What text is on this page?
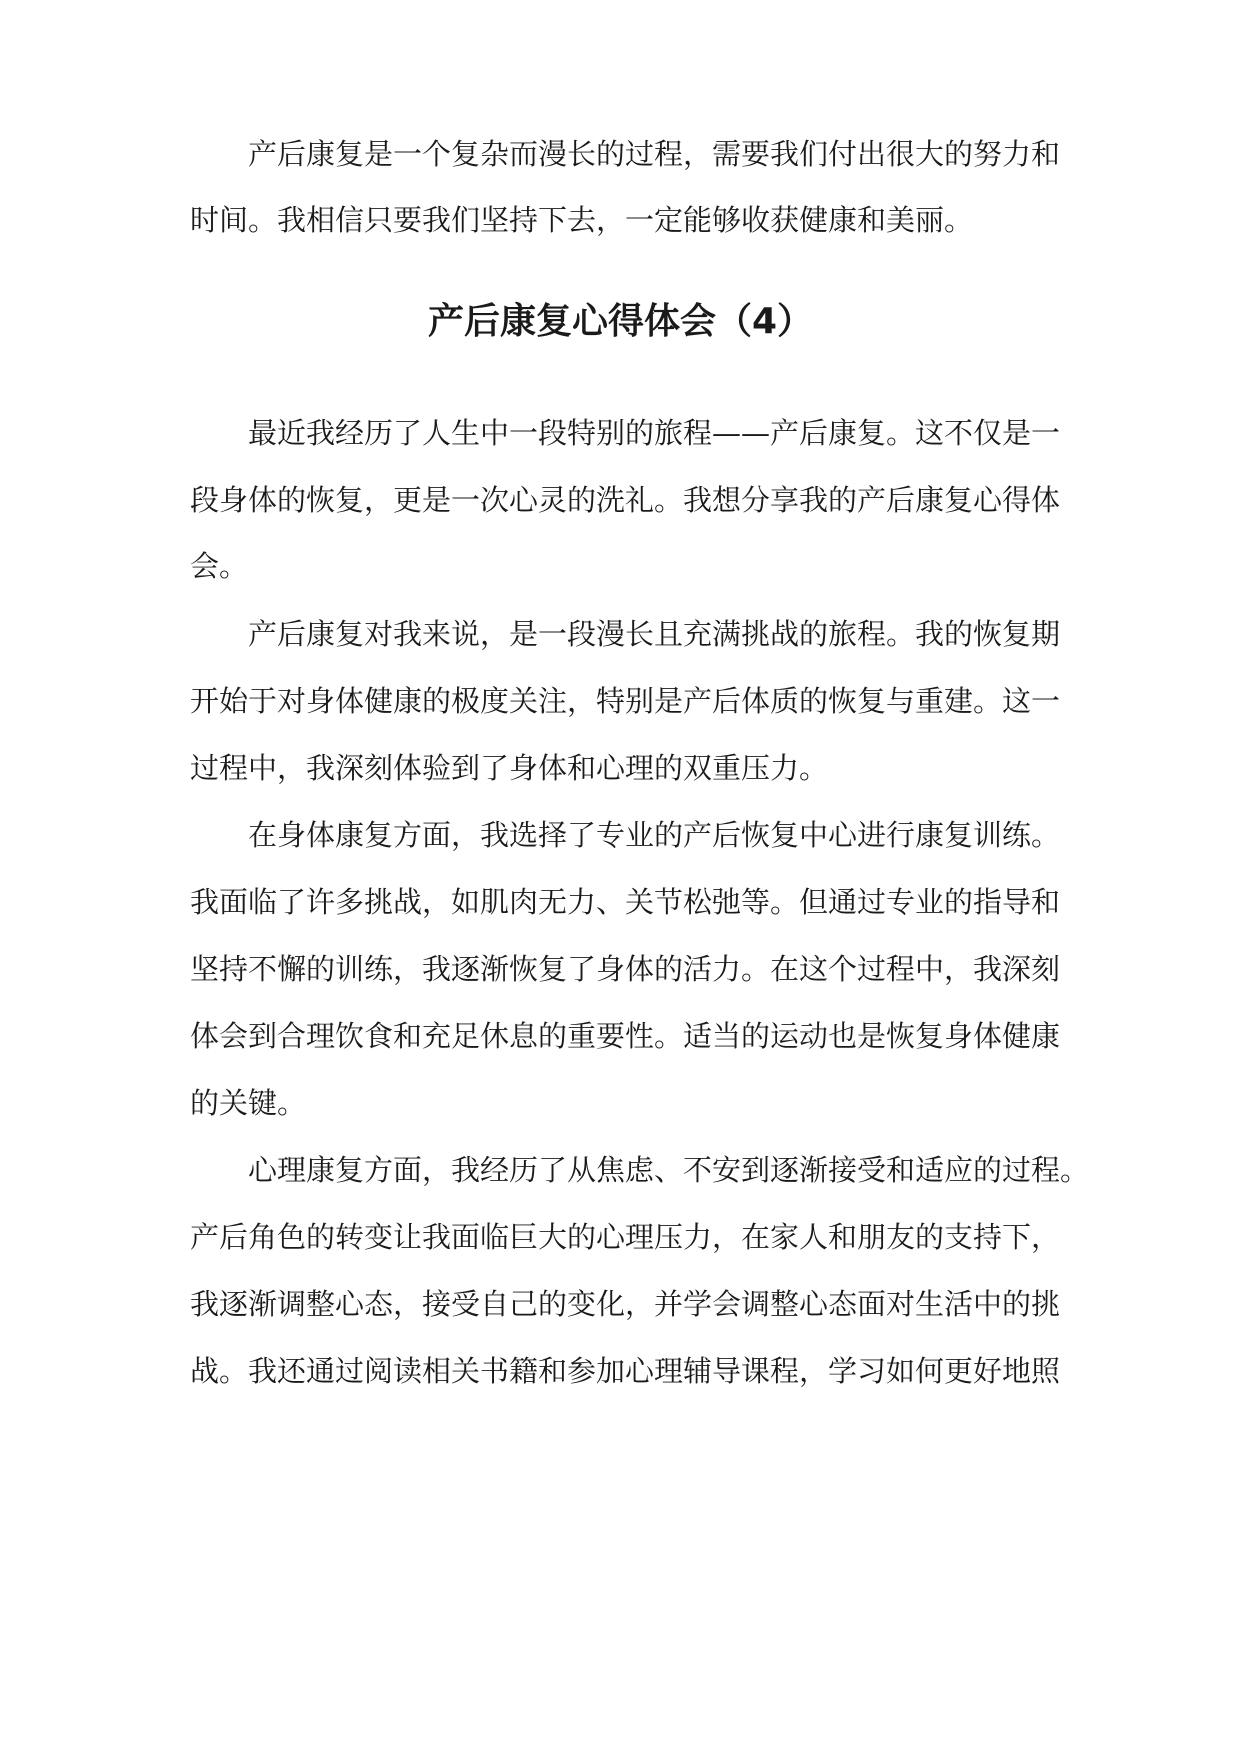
产后康复是一个复杂而漫长的过程，需要我们付出很大的努力和
时间。我相信只要我们坚持下去，一定能够收获健康和美丽。
产后康复心得体会（4）
最近我经历了人生中一段特别的旅程——产后康复。这不仅是一
段身体的恢复，更是一次心灵的洗礼。我想分享我的产后康复心得体
会。
产后康复对我来说，是一段漫长且充满挑战的旅程。我的恢复期
开始于对身体健康的极度关注，特别是产后体质的恢复与重建。这一
过程中，我深刻体验到了身体和心理的双重压力。
在身体康复方面，我选择了专业的产后恢复中心进行康复训练。
我面临了许多挑战，如肌肉无力、关节松弛等。但通过专业的指导和
坚持不懈的训练，我逐渐恢复了身体的活力。在这个过程中，我深刻
体会到合理饮食和充足休息的重要性。适当的运动也是恢复身体健康
的关键。
心理康复方面，我经历了从焦虑、不安到逐渐接受和适应的过程。
产后角色的转变让我面临巨大的心理压力，在家人和朋友的支持下，
我逐渐调整心态，接受自己的变化，并学会调整心态面对生活中的挑
战。我还通过阅读相关书籍和参加心理辅导课程，学习如何更好地照
